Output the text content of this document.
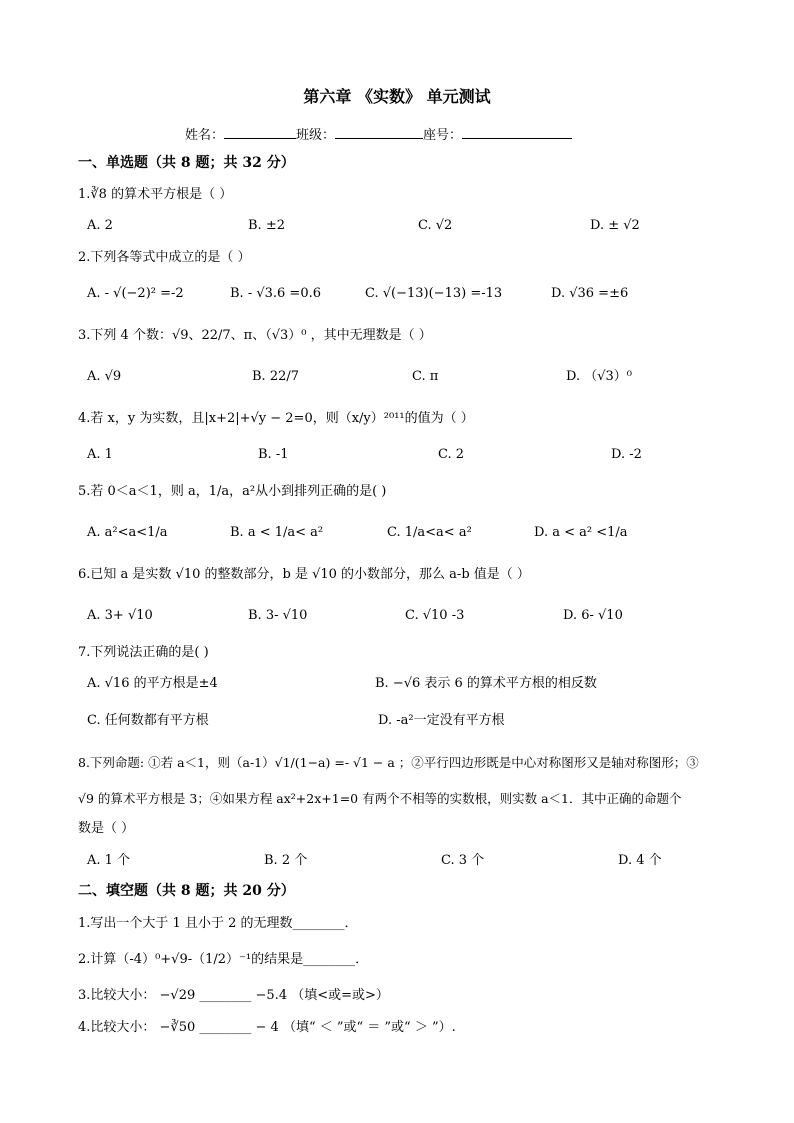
第六章 《实数》 单元测试
姓名：	班级：	座号：
一、单选题（共 8 题；共 32 分）
1.∛8 的算术平方根是（ ）
A. 2	B. ±2	C. √2	D. ± √2
2.下列各等式中成立的是（ ）
A. - √(−2)² =-2	B. - √3.6 =0.6	C. √(−13)(−13) =-13	D. √36 =±6
3.下列 4 个数：√9、22/7、π、（√3）⁰ ，其中无理数是（ ）
A. √9	B. 22/7	C. π	D. （√3）⁰
4.若 x，y 为实数，且|x+2|+√y − 2=0，则（x/y）²⁰¹¹的值为（ ）
A. 1	B. -1	C. 2	D. -2
5.若 0＜a＜1，则 a，1/a，a²从小到排列正确的是( )
A. a²<a<1/a	B. a < 1/a< a²	C. 1/a<a< a²	D. a < a² <1/a
6.已知 a 是实数 √10 的整数部分，b 是 √10 的小数部分，那么 a-b 值是（ ）
A. 3+ √10	B. 3- √10	C. √10 -3	D. 6- √10
7.下列说法正确的是( )
A. √16 的平方根是±4	B. −√6 表示 6 的算术平方根的相反数
C. 任何数都有平方根	D. -a²一定没有平方根
8.下列命题: ①若 a＜1，则（a-1）√1/(1−a) =- √1 − a ；②平行四边形既是中心对称图形又是轴对称图形；③
√9 的算术平方根是 3；④如果方程 ax²+2x+1=0 有两个不相等的实数根，则实数 a＜1．其中正确的命题个
数是（ ）
A. 1 个	B. 2 个	C. 3 个	D. 4 个
二、填空题（共 8 题；共 20 分）
1.写出一个大于 1 且小于 2 的无理数________．
2.计算（-4）⁰+√9-（1/2）⁻¹的结果是________．
3.比较大小： −√29 ________ −5.4 （填<或=或>）
4.比较大小： −∛50 ________ − 4 （填“ ＜ ”或“ ＝ ”或“ ＞ ”）.
